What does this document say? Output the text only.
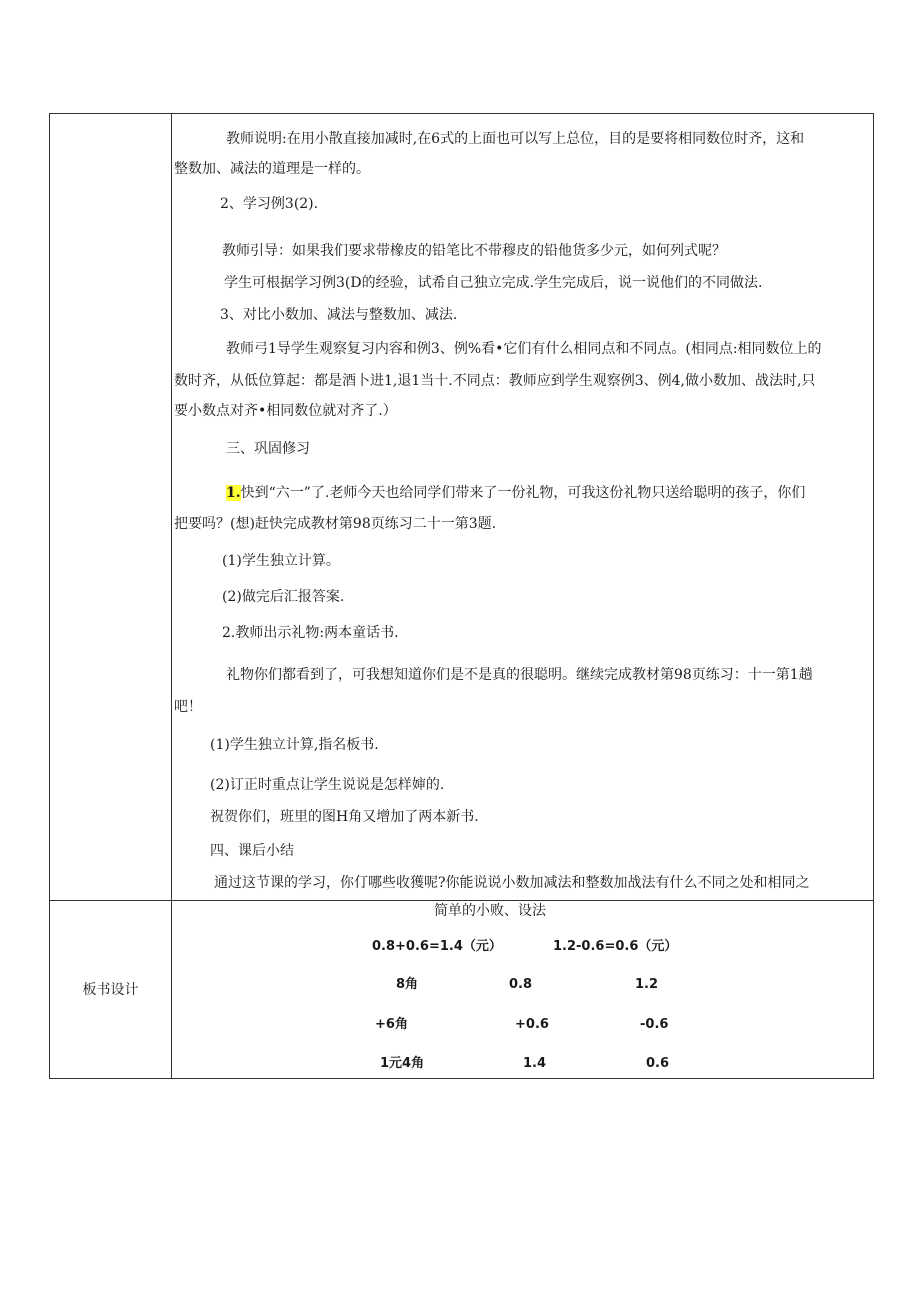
教师说明:在用小散直接加减时,在6式的上面也可以写上总位，目的是要将相同数位时齐，这和
整数加、减法的道理是一样的。
2、学习例3(2).
教师引导：如果我们要求带橡皮的铅笔比不带穆皮的铅他货多少元，如何列式呢？
学生可根据学习例3(D的经验，试希自己独立完成.学生完成后，说一说他们的不同做法.
3、对比小数加、减法与整数加、减法.
教师弓1导学生观察复习内容和例3、例%看•它们有什么相同点和不同点。(相同点:相同数位上的
数时齐，从低位算起：都是酒卜进1,退1当十.不同点：教师应到学生观察例3、例4,做小数加、战法时,只
要小数点对齐•相同数位就对齐了.）
三、巩固修习
1.快到“六一”了.老师今天也给同学们带来了一份礼物，可我这份礼物只送给聪明的孩子，你们
把要吗？(想)赶快完成教材第98页练习二十一第3题.
(1)学生独立计算。
(2)做完后汇报答案.
2.教师出示礼物:两本童话书.
礼物你们都看到了，可我想知道你们是不是真的很聪明。继续完成教材第98页练习：十一第1趟
吧！
(1)学生独立计算,指名板书.
(2)订正时重点让学生说说是怎样婶的.
祝贺你们，班里的图H角又增加了两本新书.
四、课后小结
通过这节课的学习，你仃哪些收獲呢?你能说说小数加减法和整数加战法有什么不同之处和相同之
板书设计
简单的小败、设法
0.8+0.6=1.4（元）	1.2-0.6=0.6（元）
8角	0.8	1.2
+6角	+0.6	-0.6
1元4角	1.4	0.6
